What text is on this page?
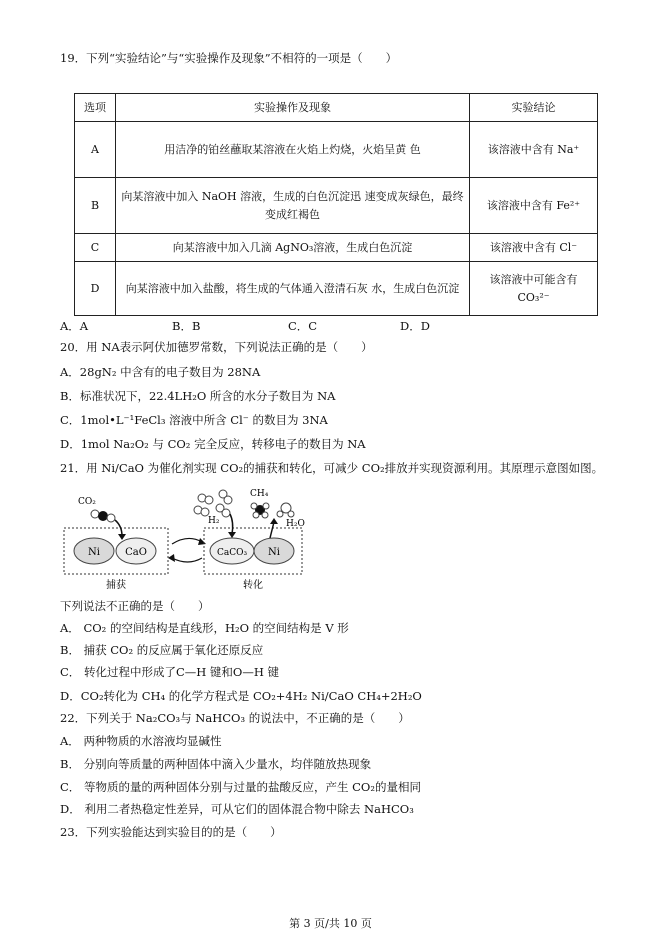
19．下列“实验结论”与“实验操作及现象”不相符的一项是（　　）
选项	实验操作及现象	实验结论
A	用洁净的铂丝蘸取某溶液在火焰上灼烧，火焰呈黄 色	该溶液中含有 Na⁺
B	向某溶液中加入 NaOH 溶液，生成的白色沉淀迅 速变成灰绿色，最终变成红褐色	该溶液中含有 Fe²⁺
C	向某溶液中加入几滴 AgNO₃溶液，生成白色沉淀	该溶液中含有 Cl⁻
D	向某溶液中加入盐酸，将生成的气体通入澄清石灰 水，生成白色沉淀	该溶液中可能含有 CO₃²⁻
A．A	B．B	C．C	D．D
20．用 NA表示阿伏加德罗常数，下列说法正确的是（　　）
A．28gN₂ 中含有的电子数目为 28NA
B．标准状况下，22.4LH₂O 所含的水分子数目为 NA
C．1mol•L⁻¹FeCl₃ 溶液中所含 Cl⁻ 的数目为 3NA
D．1mol Na₂O₂ 与 CO₂ 完全反应，转移电子的数目为 NA
21．用 Ni/CaO 为催化剂实现 CO₂的捕获和转化，可减少 CO₂排放并实现资源利用。其原理示意图如图。
Ni	CaO
CO₂
CaCO₃ Ni
捕获	转化
H₂
CH₄
H₂O
下列说法不正确的是（　　）
A． CO₂ 的空间结构是直线形，H₂O 的空间结构是 V 形
B． 捕获 CO₂ 的反应属于氧化还原反应
C． 转化过程中形成了C—H 键和O—H 键
D．CO₂转化为 CH₄ 的化学方程式是 CO₂+4H₂ Ni/CaO CH₄+2H₂O
22．下列关于 Na₂CO₃与 NaHCO₃ 的说法中，不正确的是（　　）
A． 两种物质的水溶液均显碱性
B． 分别向等质量的两种固体中滴入少量水，均伴随放热现象
C． 等物质的量的两种固体分别与过量的盐酸反应，产生 CO₂的量相同
D． 利用二者热稳定性差异，可从它们的固体混合物中除去 NaHCO₃
23．下列实验能达到实验目的的是（　　）
第 3 页/共 10 页
